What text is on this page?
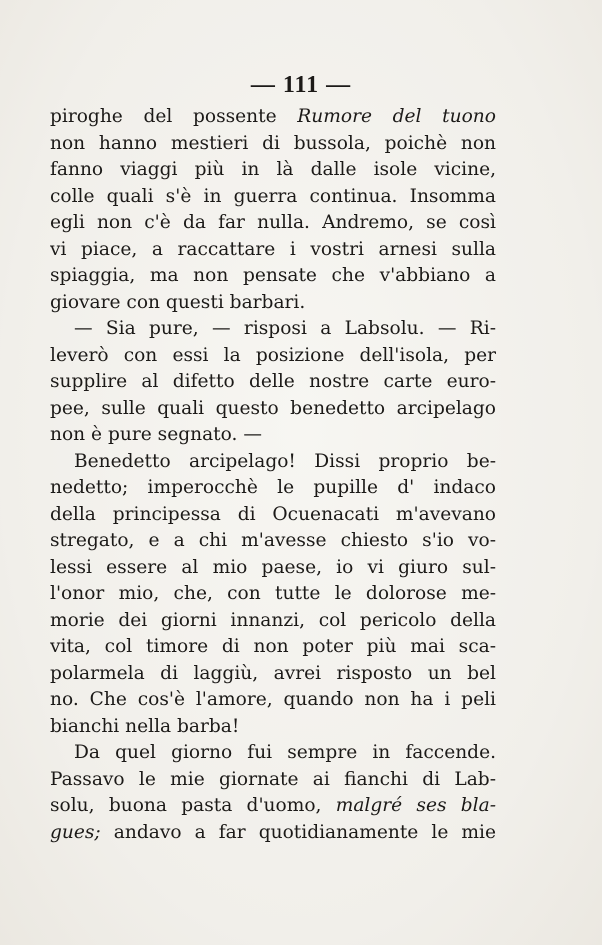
— 111 —
piroghe del possente Rumore del tuono
non hanno mestieri di bussola, poichè non
fanno viaggi più in là dalle isole vicine,
colle quali s'è in guerra continua. Insomma
egli non c'è da far nulla. Andremo, se così
vi piace, a raccattare i vostri arnesi sulla
spiaggia, ma non pensate che v'abbiano a
giovare con questi barbari.
— Sia pure, — risposi a Labsolu. — Ri-
leverò con essi la posizione dell'isola, per
supplire al difetto delle nostre carte euro-
pee, sulle quali questo benedetto arcipelago
non è pure segnato. —
Benedetto arcipelago! Dissi proprio be-
nedetto; imperocchè le pupille d' indaco
della principessa di Ocuenacati m'avevano
stregato, e a chi m'avesse chiesto s'io vo-
lessi essere al mio paese, io vi giuro sul-
l'onor mio, che, con tutte le dolorose me-
morie dei giorni innanzi, col pericolo della
vita, col timore di non poter più mai sca-
polarmela di laggiù, avrei risposto un bel
no. Che cos'è l'amore, quando non ha i peli
bianchi nella barba!
Da quel giorno fui sempre in faccende.
Passavo le mie giornate ai fianchi di Lab-
solu, buona pasta d'uomo, malgré ses bla-
gues; andavo a far quotidianamente le mie
